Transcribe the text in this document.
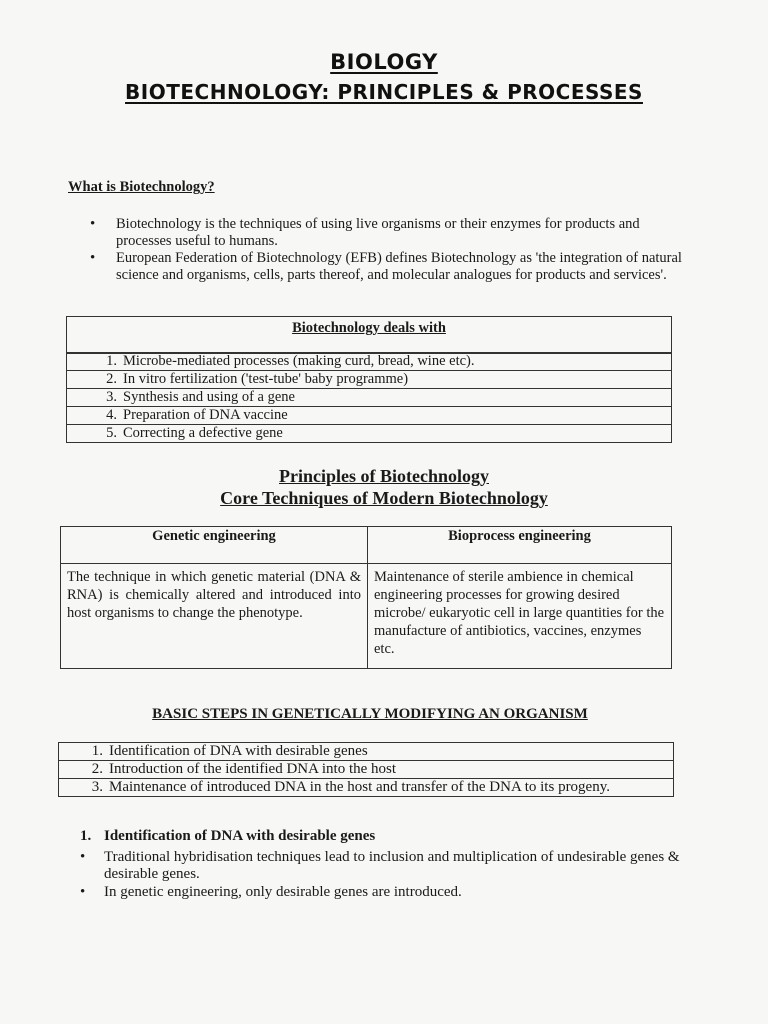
BIOLOGY
BIOTECHNOLOGY: PRINCIPLES & PROCESSES
What is Biotechnology?
• Biotechnology is the techniques of using live organisms or their enzymes for products and processes useful to humans.
• European Federation of Biotechnology (EFB) defines Biotechnology as 'the integration of natural science and organisms, cells, parts thereof, and molecular analogues for products and services'.
Biotechnology deals with
1. Microbe-mediated processes (making curd, bread, wine etc).
2. In vitro fertilization ('test-tube' baby programme)
3. Synthesis and using of a gene
4. Preparation of DNA vaccine
5. Correcting a defective gene
Principles of Biotechnology
Core Techniques of Modern Biotechnology
Genetic engineering	Bioprocess engineering
The technique in which genetic material (DNA & RNA) is chemically altered and introduced into host organisms to change the phenotype.	Maintenance of sterile ambience in chemical engineering processes for growing desired microbe/ eukaryotic cell in large quantities for the manufacture of antibiotics, vaccines, enzymes etc.
BASIC STEPS IN GENETICALLY MODIFYING AN ORGANISM
1. Identification of DNA with desirable genes
2. Introduction of the identified DNA into the host
3. Maintenance of introduced DNA in the host and transfer of the DNA to its progeny.
1. Identification of DNA with desirable genes
• Traditional hybridisation techniques lead to inclusion and multiplication of undesirable genes & desirable genes.
• In genetic engineering, only desirable genes are introduced.
